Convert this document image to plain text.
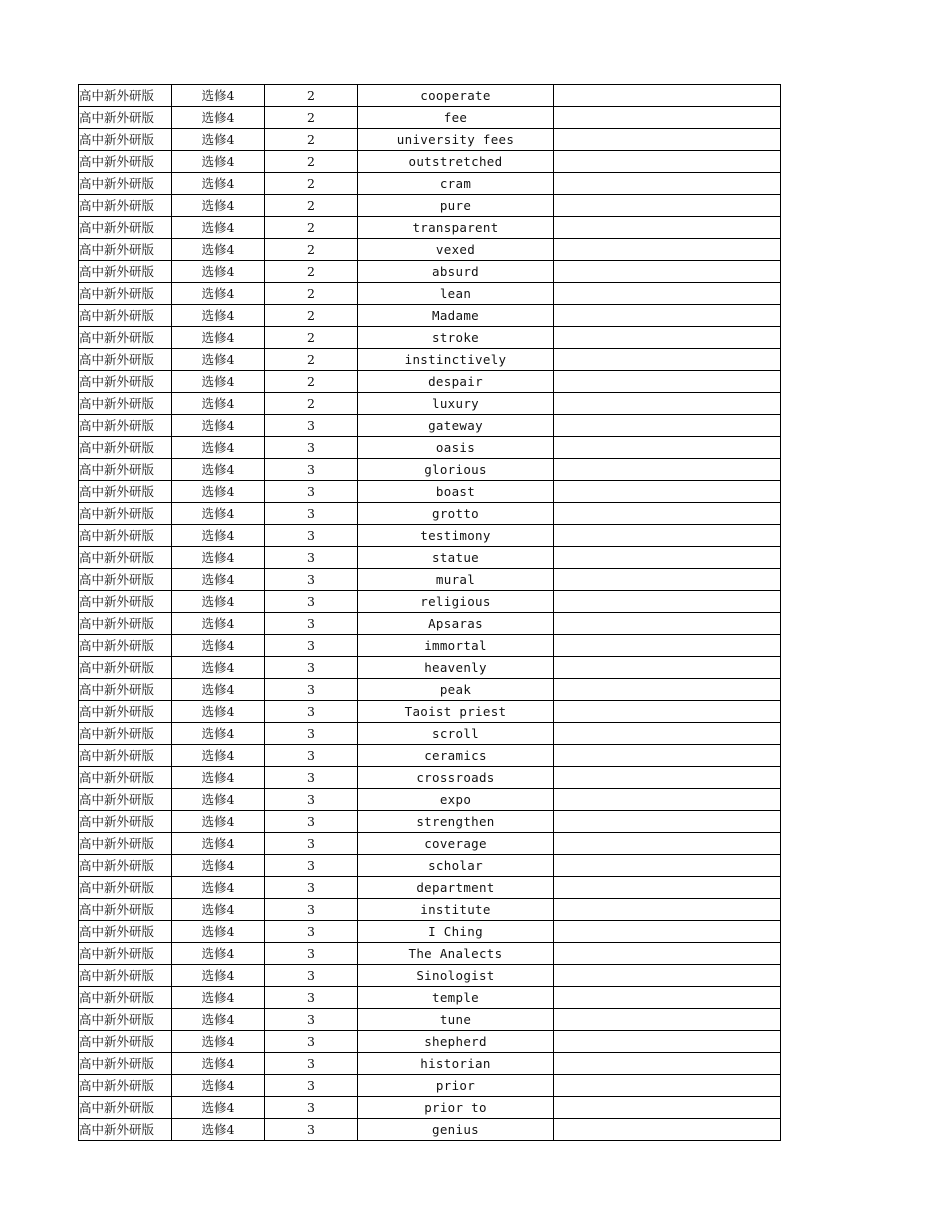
高中新外研版	选修4	2	cooperate	
高中新外研版	选修4	2	fee	
高中新外研版	选修4	2	university fees	
高中新外研版	选修4	2	outstretched	
高中新外研版	选修4	2	cram	
高中新外研版	选修4	2	pure	
高中新外研版	选修4	2	transparent	
高中新外研版	选修4	2	vexed	
高中新外研版	选修4	2	absurd	
高中新外研版	选修4	2	lean	
高中新外研版	选修4	2	Madame	
高中新外研版	选修4	2	stroke	
高中新外研版	选修4	2	instinctively	
高中新外研版	选修4	2	despair	
高中新外研版	选修4	2	luxury	
高中新外研版	选修4	3	gateway	
高中新外研版	选修4	3	oasis	
高中新外研版	选修4	3	glorious	
高中新外研版	选修4	3	boast	
高中新外研版	选修4	3	grotto	
高中新外研版	选修4	3	testimony	
高中新外研版	选修4	3	statue	
高中新外研版	选修4	3	mural	
高中新外研版	选修4	3	religious	
高中新外研版	选修4	3	Apsaras	
高中新外研版	选修4	3	immortal	
高中新外研版	选修4	3	heavenly	
高中新外研版	选修4	3	peak	
高中新外研版	选修4	3	Taoist priest	
高中新外研版	选修4	3	scroll	
高中新外研版	选修4	3	ceramics	
高中新外研版	选修4	3	crossroads	
高中新外研版	选修4	3	expo	
高中新外研版	选修4	3	strengthen	
高中新外研版	选修4	3	coverage	
高中新外研版	选修4	3	scholar	
高中新外研版	选修4	3	department	
高中新外研版	选修4	3	institute	
高中新外研版	选修4	3	I Ching	
高中新外研版	选修4	3	The Analects	
高中新外研版	选修4	3	Sinologist	
高中新外研版	选修4	3	temple	
高中新外研版	选修4	3	tune	
高中新外研版	选修4	3	shepherd	
高中新外研版	选修4	3	historian	
高中新外研版	选修4	3	prior	
高中新外研版	选修4	3	prior to	
高中新外研版	选修4	3	genius	
